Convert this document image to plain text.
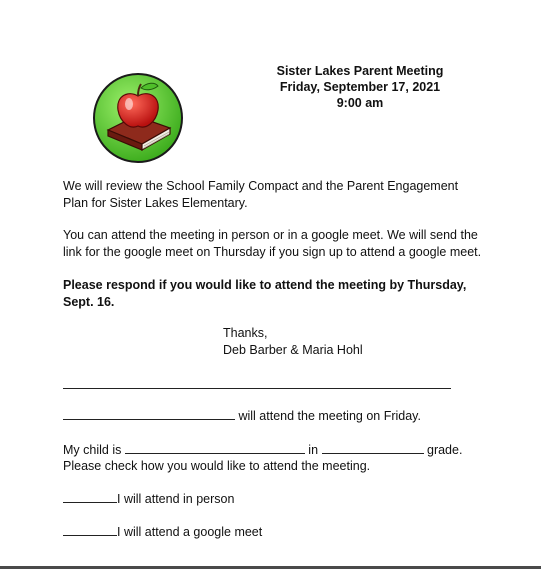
Sister Lakes Parent Meeting
Friday, September 17, 2021
9:00 am
We will review the School Family Compact and the Parent Engagement Plan for Sister Lakes Elementary.
You can attend the meeting in person or in a google meet. We will send the link for the google meet on Thursday if you sign up to attend a google meet.
Please respond if you would like to attend the meeting by Thursday, Sept. 16.
Thanks,
Deb Barber & Maria Hohl
will attend the meeting on Friday.
My child is	in	grade.
Please check how you would like to attend the meeting.
I will attend in person
I will attend a google meet
